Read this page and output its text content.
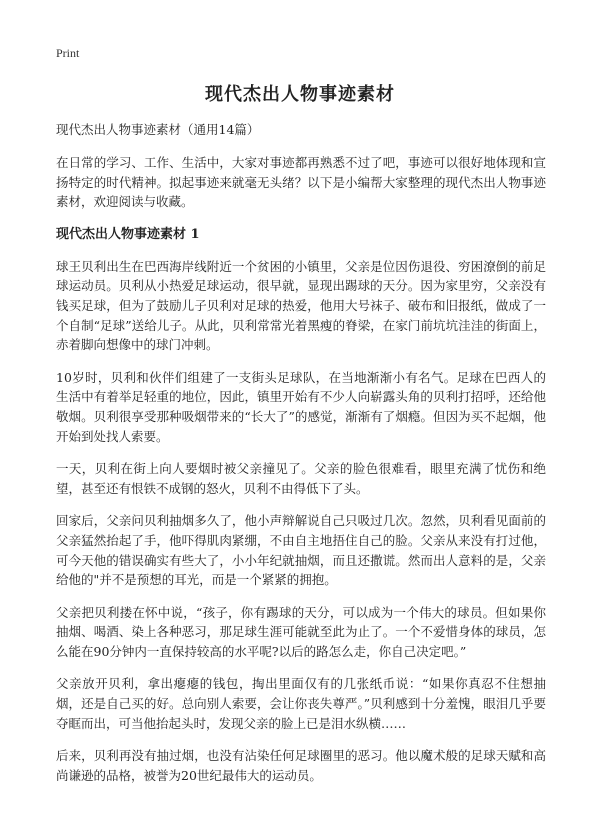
Print
现代杰出人物事迹素材
现代杰出人物事迹素材（通用14篇）

在日常的学习、工作、生活中，大家对事迹都再熟悉不过了吧，事迹可以很好地体现和宣扬特定的时代精神。拟起事迹来就毫无头绪？以下是小编帮大家整理的现代杰出人物事迹素材，欢迎阅读与收藏。

现代杰出人物事迹素材 1

球王贝利出生在巴西海岸线附近一个贫困的小镇里，父亲是位因伤退役、穷困潦倒的前足球运动员。贝利从小热爱足球运动，很早就，显现出踢球的天分。因为家里穷，父亲没有钱买足球，但为了鼓励儿子贝利对足球的热爱，他用大号袜子、破布和旧报纸，做成了一个自制“足球”送给儿子。从此，贝利常常光着黑瘦的脊梁，在家门前坑坑洼洼的街面上，赤着脚向想像中的球门冲刺。

10岁时，贝利和伙伴们组建了一支街头足球队，在当地渐渐小有名气。足球在巴西人的生活中有着举足轻重的地位，因此，镇里开始有不少人向崭露头角的贝利打招呼，还给他敬烟。贝利很享受那种吸烟带来的“长大了”的感觉，渐渐有了烟瘾。但因为买不起烟，他开始到处找人索要。

一天，贝利在街上向人要烟时被父亲撞见了。父亲的脸色很难看，眼里充满了忧伤和绝望，甚至还有恨铁不成钢的怒火，贝利不由得低下了头。

回家后，父亲问贝利抽烟多久了，他小声辩解说自己只吸过几次。忽然，贝利看见面前的父亲猛然抬起了手，他吓得肌肉紧绷，不由自主地捂住自己的脸。父亲从来没有打过他，可今天他的错误确实有些大了，小小年纪就抽烟，而且还撒谎。然而出人意料的是，父亲给他的"并不是预想的耳光，而是一个紧紧的拥抱。

父亲把贝利搂在怀中说，“孩子，你有踢球的天分，可以成为一个伟大的球员。但如果你抽烟、喝酒、染上各种恶习，那足球生涯可能就至此为止了。一个不爱惜身体的球员，怎么能在90分钟内一直保持较高的水平呢?以后的路怎么走，你自己决定吧。”

父亲放开贝利，拿出瘪瘪的钱包，掏出里面仅有的几张纸币说：“如果你真忍不住想抽烟，还是自己买的好。总向别人索要，会让你丧失尊严。”贝利感到十分羞愧，眼泪几乎要夺眶而出，可当他抬起头时，发现父亲的脸上已是泪水纵横……

后来，贝利再没有抽过烟，也没有沾染任何足球圈里的恶习。他以魔术般的足球天赋和高尚谦逊的品格，被誉为20世纪最伟大的运动员。
